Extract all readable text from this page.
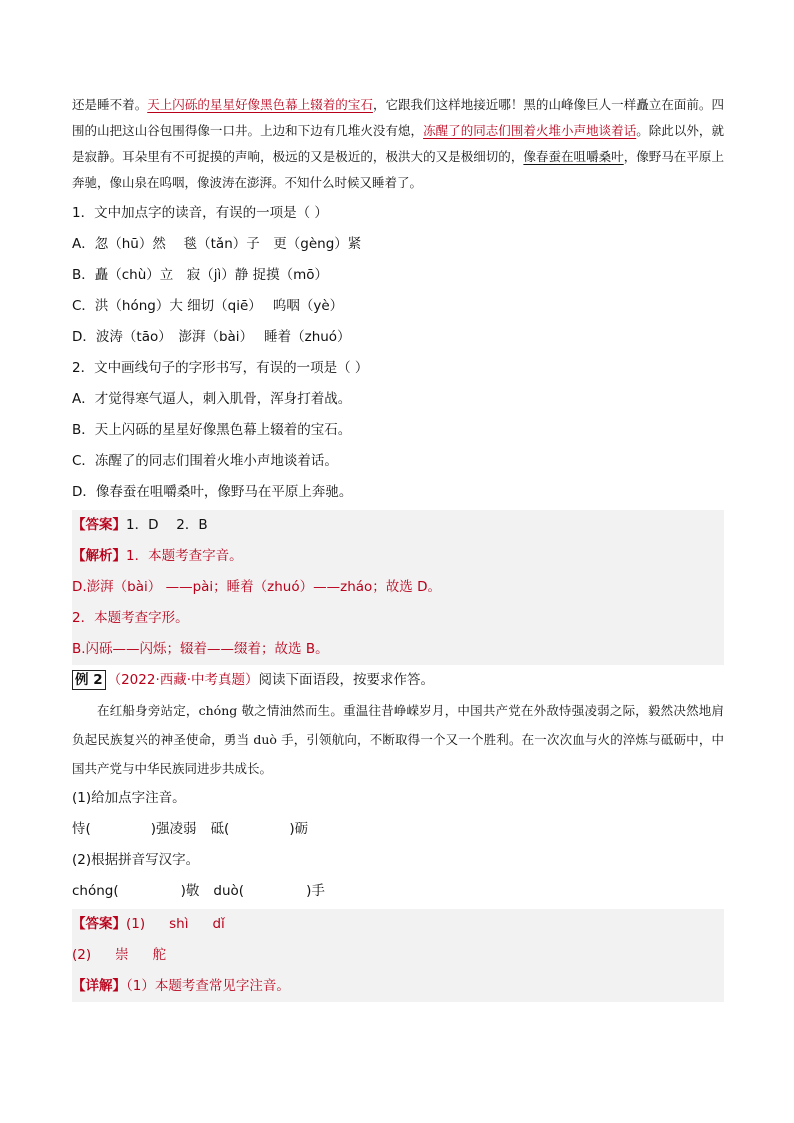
还是睡不着。天上闪砾的星星好像黑色幕上辍着的宝石，它跟我们这样地接近哪！黑的山峰像巨人一样矗立在面前。四围的山把这山谷包围得像一口井。上边和下边有几堆火没有熄，冻醒了的同志们围着火堆小声地谈着话。除此以外，就是寂静。耳朵里有不可捉摸的声响，极远的又是极近的，极洪大的又是极细切的，像春蚕在咀嚼桑叶，像野马在平原上奔驰，像山泉在呜咽，像波涛在澎湃。不知什么时候又睡着了。

1．文中加点字的读音，有误的一项是（ ）
A．忽（hū）然　 毯（tǎn）子　更（gèng）紧
B．矗（chù）立　寂（jì）静 捉摸（mō）
C．洪（hóng）大 细切（qiē）　 呜咽（yè）
D．波涛（tāo）　澎湃（bài）　 睡着（zhuó）
2．文中画线句子的字形书写，有误的一项是（ ）
A．才觉得寒气逼人，刺入肌骨，浑身打着战。
B．天上闪砾的星星好像黑色幕上辍着的宝石。
C．冻醒了的同志们围着火堆小声地谈着话。
D．像春蚕在咀嚼桑叶，像野马在平原上奔驰。
【答案】1．D　 2．B
【解析】1．本题考查字音。
D.澎湃（bài） ——pài；睡着（zhuó）——zháo；故选 D。
2．本题考查字形。
B.闪砾——闪烁；辍着——缀着；故选 B。
例 2 （2022·西藏·中考真题）阅读下面语段，按要求作答。

在红船身旁站定，chóng 敬之情油然而生。重温往昔峥嵘岁月，中国共产党在外敌恃强凌弱之际，毅然决然地肩负起民族复兴的神圣使命，勇当 duò 手，引领航向，不断取得一个又一个胜利。在一次次血与火的淬炼与砥砺中，中国共产党与中华民族同进步共成长。

(1)给加点字注音。
恃(	)强凌弱 砥(	)砺
(2)根据拼音写汉字。
chóng(	)敬 duò(	)手
【答案】(1) shì dǐ
(2) 崇 舵
【详解】（1）本题考查常见字注音。
